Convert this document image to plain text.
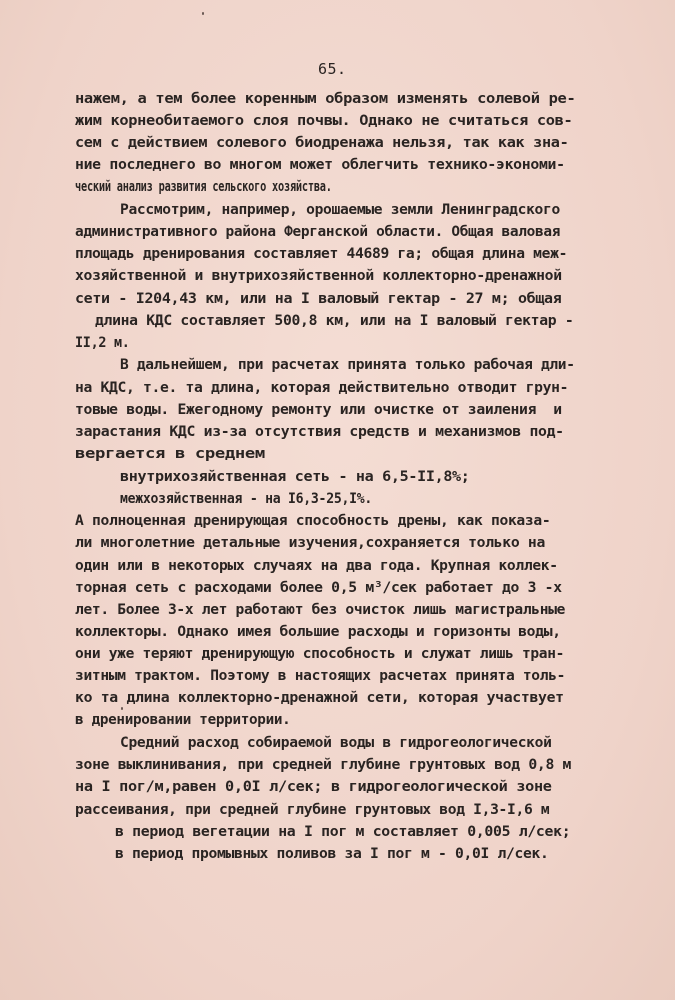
65.
нажем, а тем более коренным образом изменять солевой ре-
жим корнеобитаемого слоя почвы. Однако не считаться сов-
сем с действием солевого биодренажа нельзя, так как зна-
ние последнего во многом может облегчить технико-экономи-
ческий анализ развития сельского хозяйства.
Рассмотрим, например, орошаемые земли Ленинградского
административного района Ферганской области. Общая валовая
площадь дренирования составляет 44689 га; общая длина меж-
хозяйственной и внутрихозяйственной коллекторно-дренажной
сети - I204,43 км, или на I валовый гектар - 27 м; общая
длина КДС составляет 500,8 км, или на I валовый гектар -
II,2 м.
В дальнейшем, при расчетах принята только рабочая дли-
на КДС, т.е. та длина, которая действительно отводит грун-
товые воды. Ежегодному ремонту или очистке от заиления  и
зарастания КДС из-за отсутствия средств и механизмов под-
вергается в среднем
внутрихозяйственная сеть - на 6,5-II,8%;
межхозяйственная - на I6,3-25,I%.
А полноценная дренирующая способность дрены, как показа-
ли многолетние детальные изучения,сохраняется только на
один или в некоторых случаях на два года. Крупная коллек-
торная сеть с расходами более 0,5 м³/сек работает до 3 -х
лет. Более 3-х лет работают без очисток лишь магистральные
коллекторы. Однако имея большие расходы и горизонты воды,
они уже теряют дренирующую способность и служат лишь тран-
зитным трактом. Поэтому в настоящих расчетах принята толь-
ко та длина коллекторно-дренажной сети, которая участвует
в дренировании территории.
Средний расход собираемой воды в гидрогеологической
зоне выклинивания, при средней глубине грунтовых вод 0,8 м
на I пог/м,равен 0,0I л/сек; в гидрогеологической зоне
рассеивания, при средней глубине грунтовых вод I,3-I,6 м
в период вегетации на I пог м составляет 0,005 л/сек;
в период промывных поливов за I пог м - 0,0I л/сек.
